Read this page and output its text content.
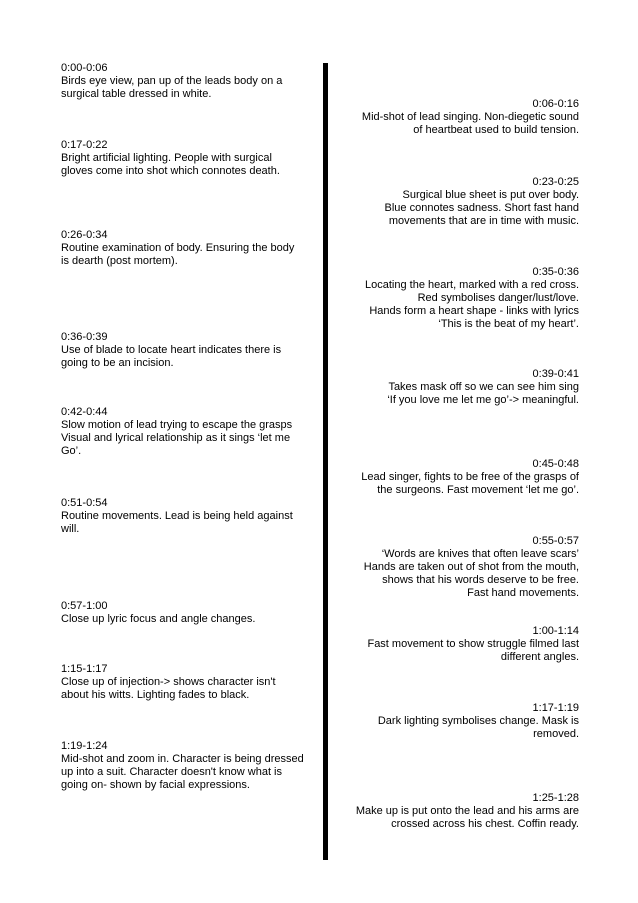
0:00-0:06

Birds eye view, pan up of the leads body on a
surgical table dressed in white.

0:17-0:22

Bright artificial lighting. People with surgical
gloves come into shot which connotes death.

0:26-0:34

Routine examination of body. Ensuring the body
is dearth (post mortem).

0:36-0:39

Use of blade to locate heart indicates there is
going to be an incision.

0:42-0:44

Slow motion of lead trying to escape the grasps
Visual and lyrical relationship as it sings ‘let me
Go’.

0:51-0:54

Routine movements. Lead is being held against
will.

0:57-1:00

Close up lyric focus and angle changes.

1:15-1:17

Close up of injection-> shows character isn't
about his witts. Lighting fades to black.

1:19-1:24

Mid-shot and zoom in. Character is being dressed
up into a suit. Character doesn't know what is
going on- shown by facial expressions.

0:06-0:16

Mid-shot of lead singing. Non-diegetic sound
of heartbeat used to build tension.

0:23-0:25

Surgical blue sheet is put over body.
Blue connotes sadness. Short fast hand
movements that are in time with music.

0:35-0:36

Locating the heart, marked with a red cross.
Red symbolises danger/lust/love.
Hands form a heart shape - links with lyrics
‘This is the beat of my heart’.

0:39-0:41

Takes mask off so we can see him sing
‘If you love me let me go’-> meaningful.

0:45-0:48

Lead singer, fights to be free of the grasps of
the surgeons. Fast movement ‘let me go’.

0:55-0:57

‘Words are knives that often leave scars’
Hands are taken out of shot from the mouth,
shows that his words deserve to be free.
Fast hand movements.

1:00-1:14

Fast movement to show struggle filmed last
different angles.

1:17-1:19

Dark lighting symbolises change. Mask is
removed.

1:25-1:28

Make up is put onto the lead and his arms are
crossed across his chest. Coffin ready.
